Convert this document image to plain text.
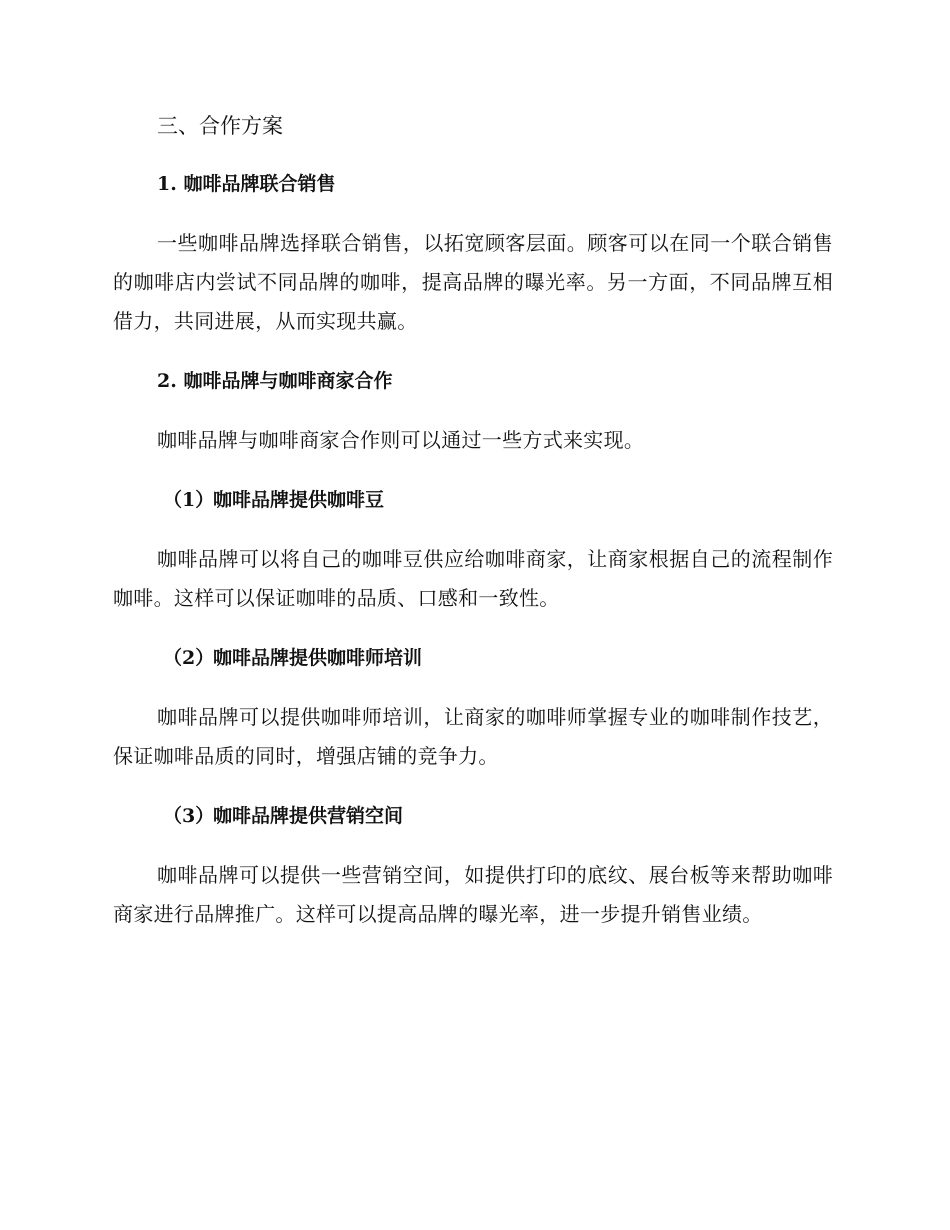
三、合作方案
1. 咖啡品牌联合销售

一些咖啡品牌选择联合销售，以拓宽顾客层面。顾客可以在同一个联合销售的咖啡店内尝试不同品牌的咖啡，提高品牌的曝光率。另一方面，不同品牌互相借力，共同进展，从而实现共赢。

2. 咖啡品牌与咖啡商家合作

咖啡品牌与咖啡商家合作则可以通过一些方式来实现。

（1）咖啡品牌提供咖啡豆

咖啡品牌可以将自己的咖啡豆供应给咖啡商家，让商家根据自己的流程制作咖啡。这样可以保证咖啡的品质、口感和一致性。

（2）咖啡品牌提供咖啡师培训

咖啡品牌可以提供咖啡师培训，让商家的咖啡师掌握专业的咖啡制作技艺，保证咖啡品质的同时，增强店铺的竞争力。

（3）咖啡品牌提供营销空间

咖啡品牌可以提供一些营销空间，如提供打印的底纹、展台板等来帮助咖啡商家进行品牌推广。这样可以提高品牌的曝光率，进一步提升销售业绩。
